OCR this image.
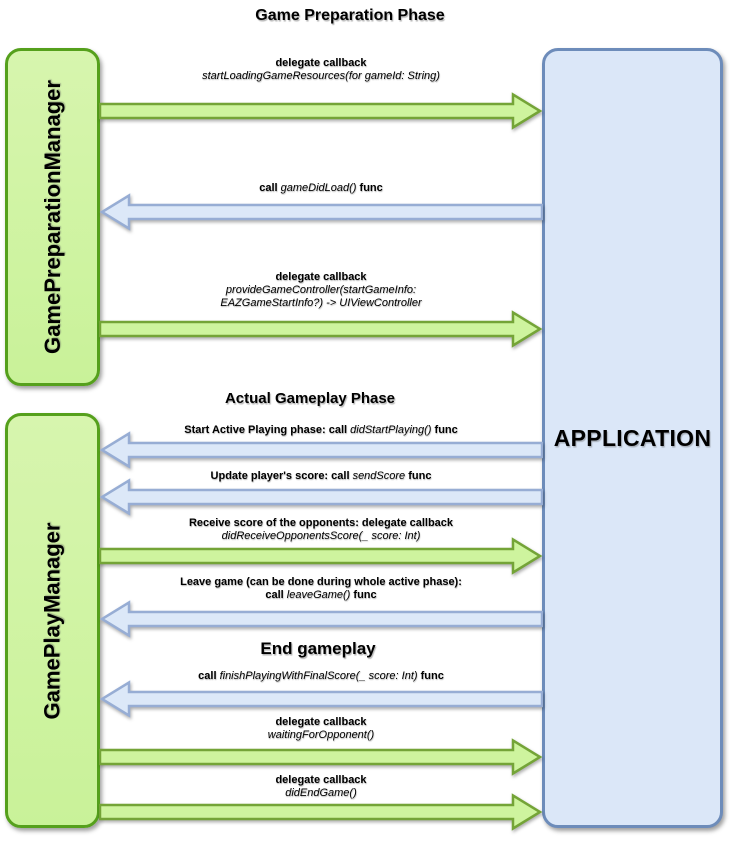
Game Preparation Phase
Actual Gameplay Phase
End gameplay
GamePreparationManager
GamePlayManager
APPLICATION
delegate callback
startLoadingGameResources(for gameId: String)
call gameDidLoad() func
delegate callback
provideGameController(startGameInfo:
EAZGameStartInfo?) -> UIViewController
Start Active Playing phase: call didStartPlaying() func
Update player's score: call sendScore func
Receive score of the opponents: delegate callback
didReceiveOpponentsScore(_ score: Int)
Leave game (can be done during whole active phase):
call leaveGame() func
call finishPlayingWithFinalScore(_ score: Int) func
delegate callback
waitingForOpponent()
delegate callback
didEndGame()
